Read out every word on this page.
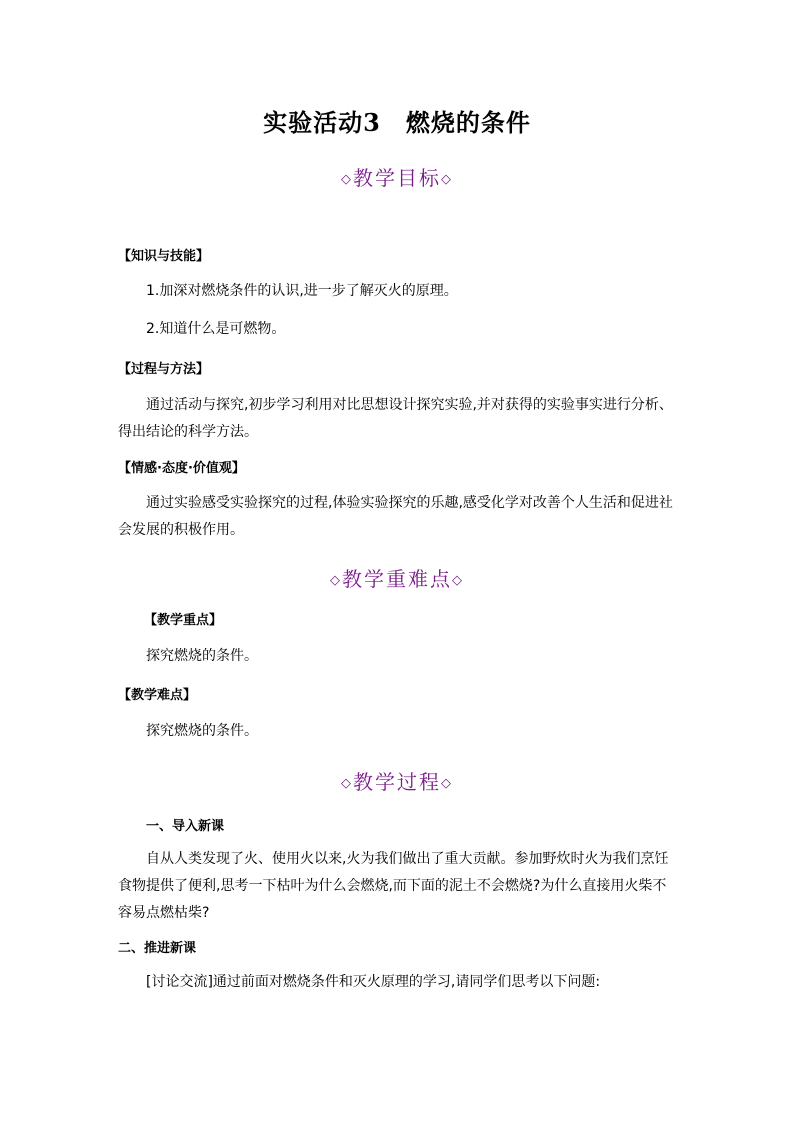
实验活动3　燃烧的条件
◇教学目标◇
【知识与技能】
1.加深对燃烧条件的认识,进一步了解灭火的原理。
2.知道什么是可燃物。
【过程与方法】
通过活动与探究,初步学习利用对比思想设计探究实验,并对获得的实验事实进行分析、得出结论的科学方法。
【情感·态度·价值观】
通过实验感受实验探究的过程,体验实验探究的乐趣,感受化学对改善个人生活和促进社会发展的积极作用。
◇教学重难点◇
【教学重点】
探究燃烧的条件。
【教学难点】
探究燃烧的条件。
◇教学过程◇
一、导入新课
自从人类发现了火、使用火以来,火为我们做出了重大贡献。参加野炊时火为我们烹饪食物提供了便利,思考一下枯叶为什么会燃烧,而下面的泥土不会燃烧?为什么直接用火柴不容易点燃枯柴?
二、推进新课
[讨论交流]通过前面对燃烧条件和灭火原理的学习,请同学们思考以下问题:
